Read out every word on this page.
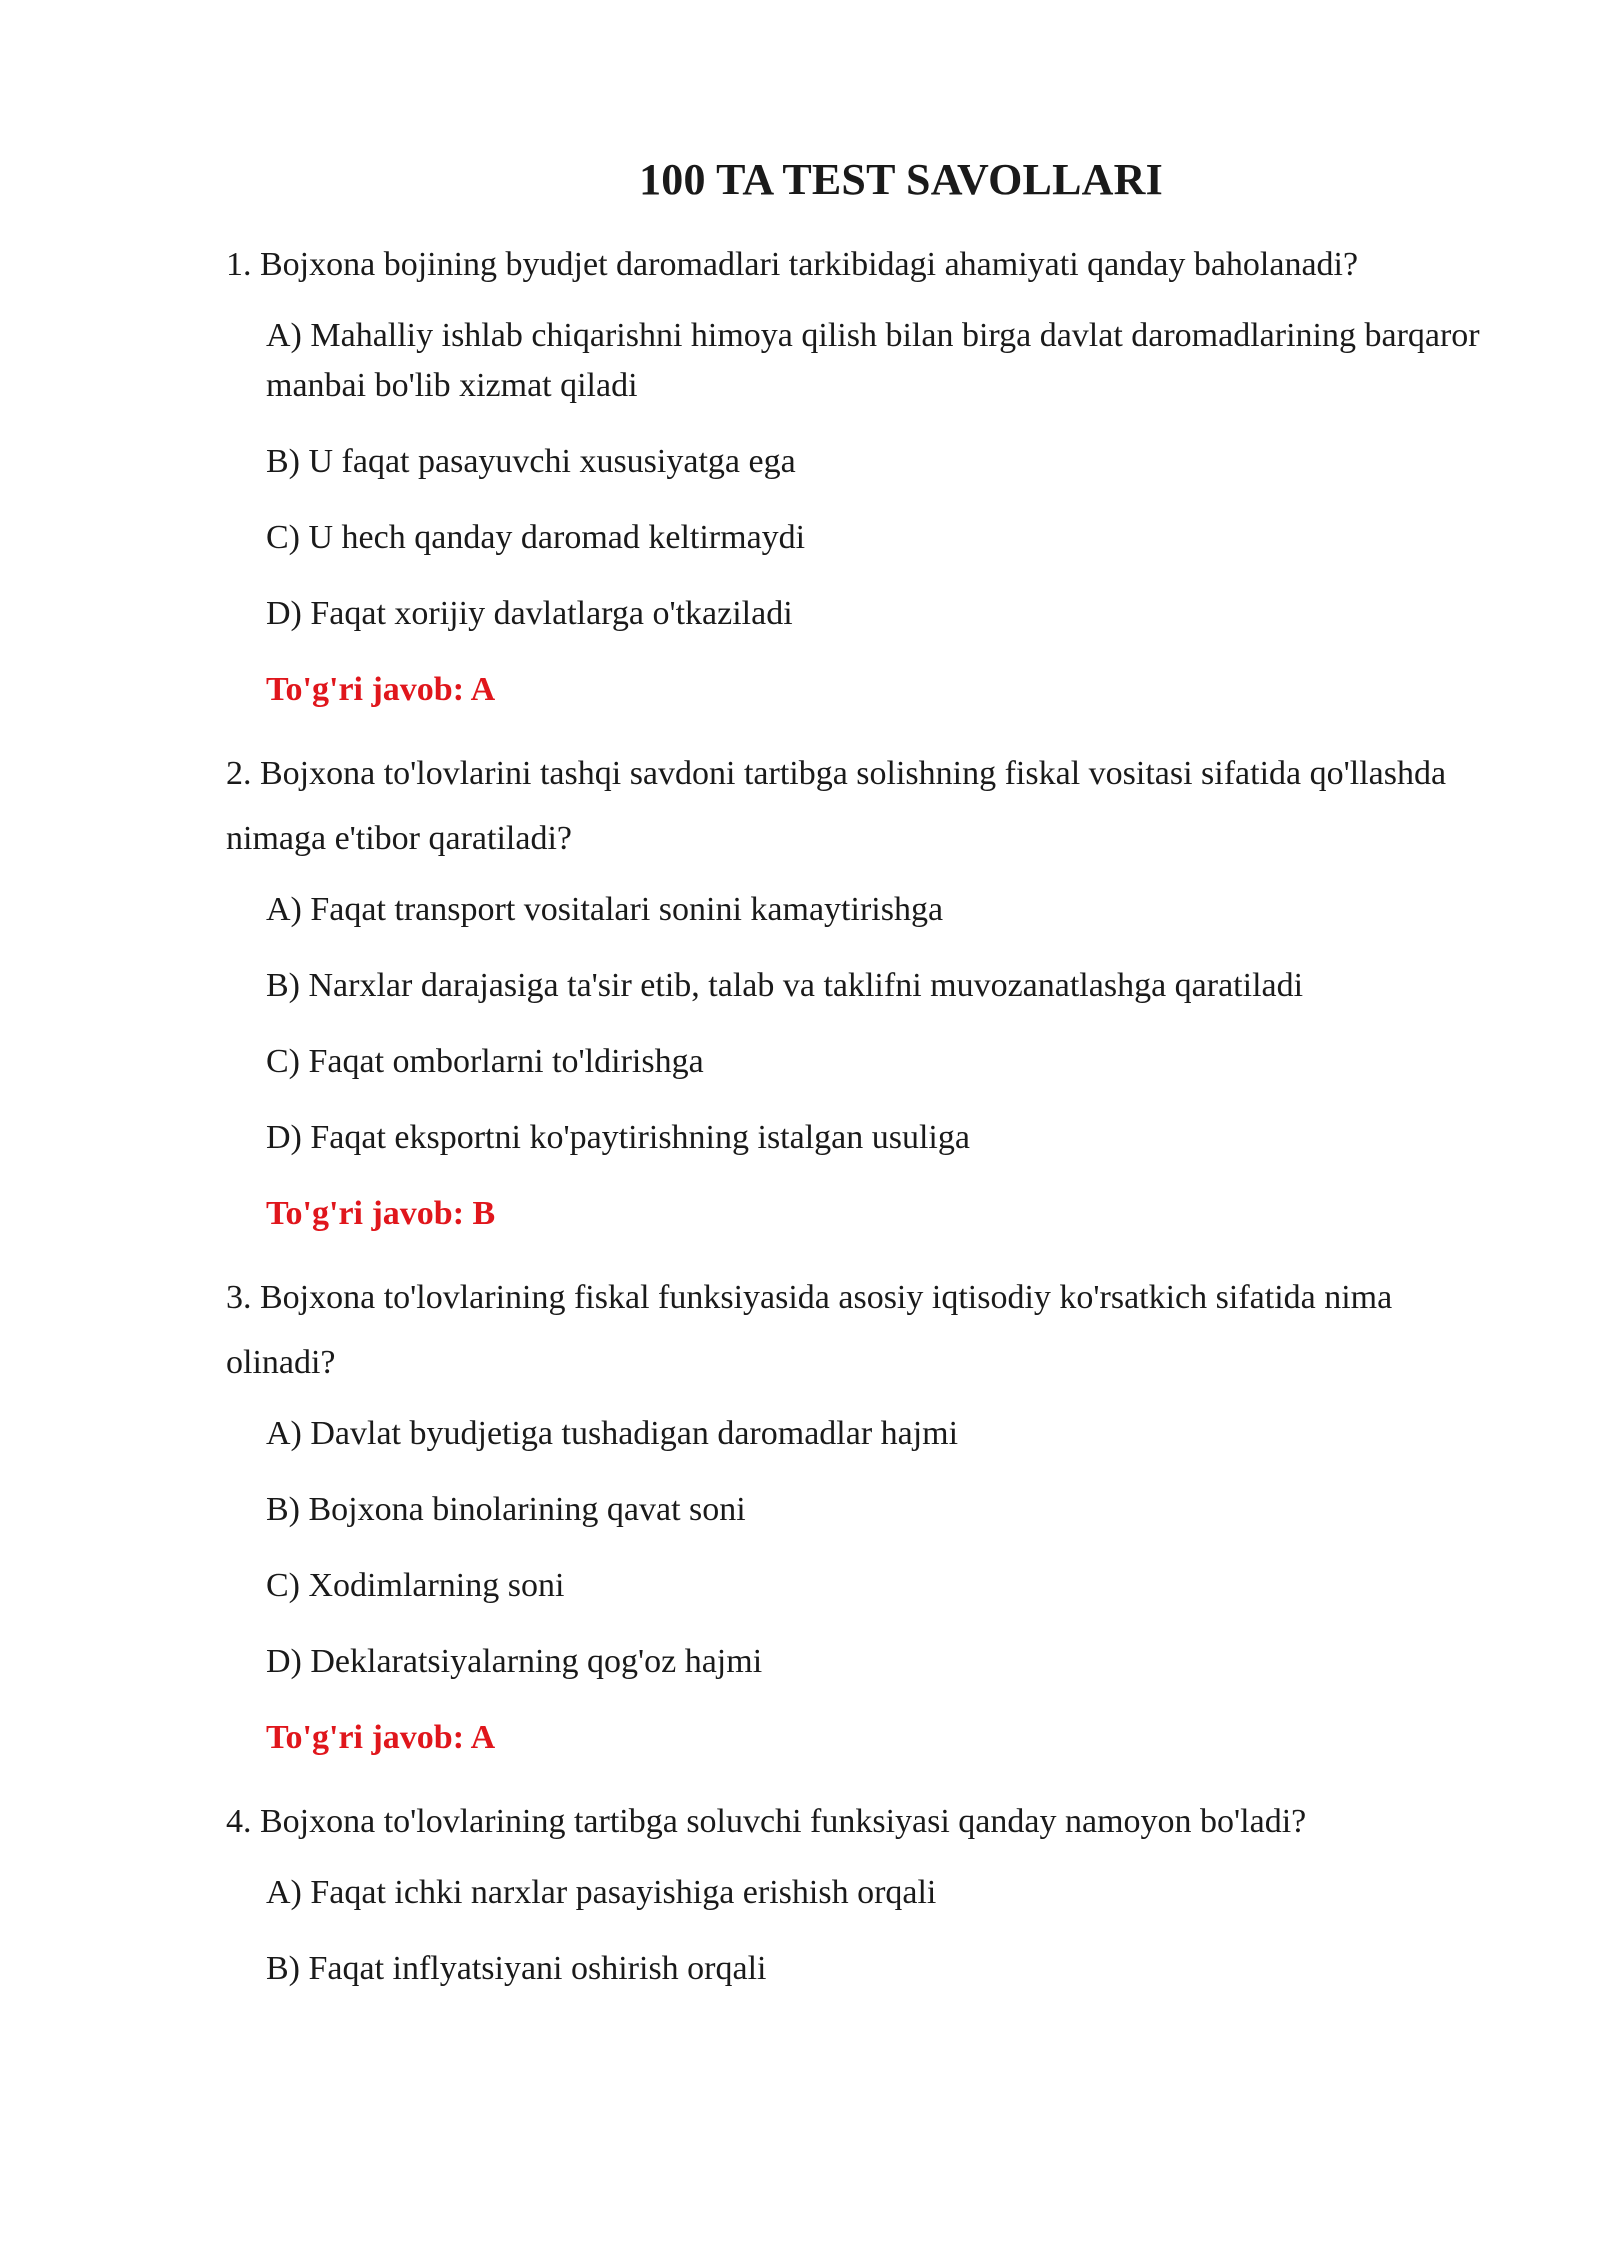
100 TA TEST SAVOLLARI

1. Bojxona bojining byudjet daromadlari tarkibidagi ahamiyati qanday baholanadi?

A) Mahalliy ishlab chiqarishni himoya qilish bilan birga davlat daromadlarining barqaror manbai bo'lib xizmat qiladi
B) U faqat pasayuvchi xususiyatga ega
C) U hech qanday daromad keltirmaydi
D) Faqat xorijiy davlatlarga o'tkaziladi

To'g'ri javob: A

2. Bojxona to'lovlarini tashqi savdoni tartibga solishning fiskal vositasi sifatida qo'llashda nimaga e'tibor qaratiladi?

A) Faqat transport vositalari sonini kamaytirishga
B) Narxlar darajasiga ta'sir etib, talab va taklifni muvozanatlashga qaratiladi
C) Faqat omborlarni to'ldirishga
D) Faqat eksportni ko'paytirishning istalgan usuliga

To'g'ri javob: B

3. Bojxona to'lovlarining fiskal funksiyasida asosiy iqtisodiy ko'rsatkich sifatida nima olinadi?

A) Davlat byudjetiga tushadigan daromadlar hajmi
B) Bojxona binolarining qavat soni
C) Xodimlarning soni
D) Deklaratsiyalarning qog'oz hajmi

To'g'ri javob: A

4. Bojxona to'lovlarining tartibga soluvchi funksiyasi qanday namoyon bo'ladi?

A) Faqat ichki narxlar pasayishiga erishish orqali
B) Faqat inflyatsiyani oshirish orqali
